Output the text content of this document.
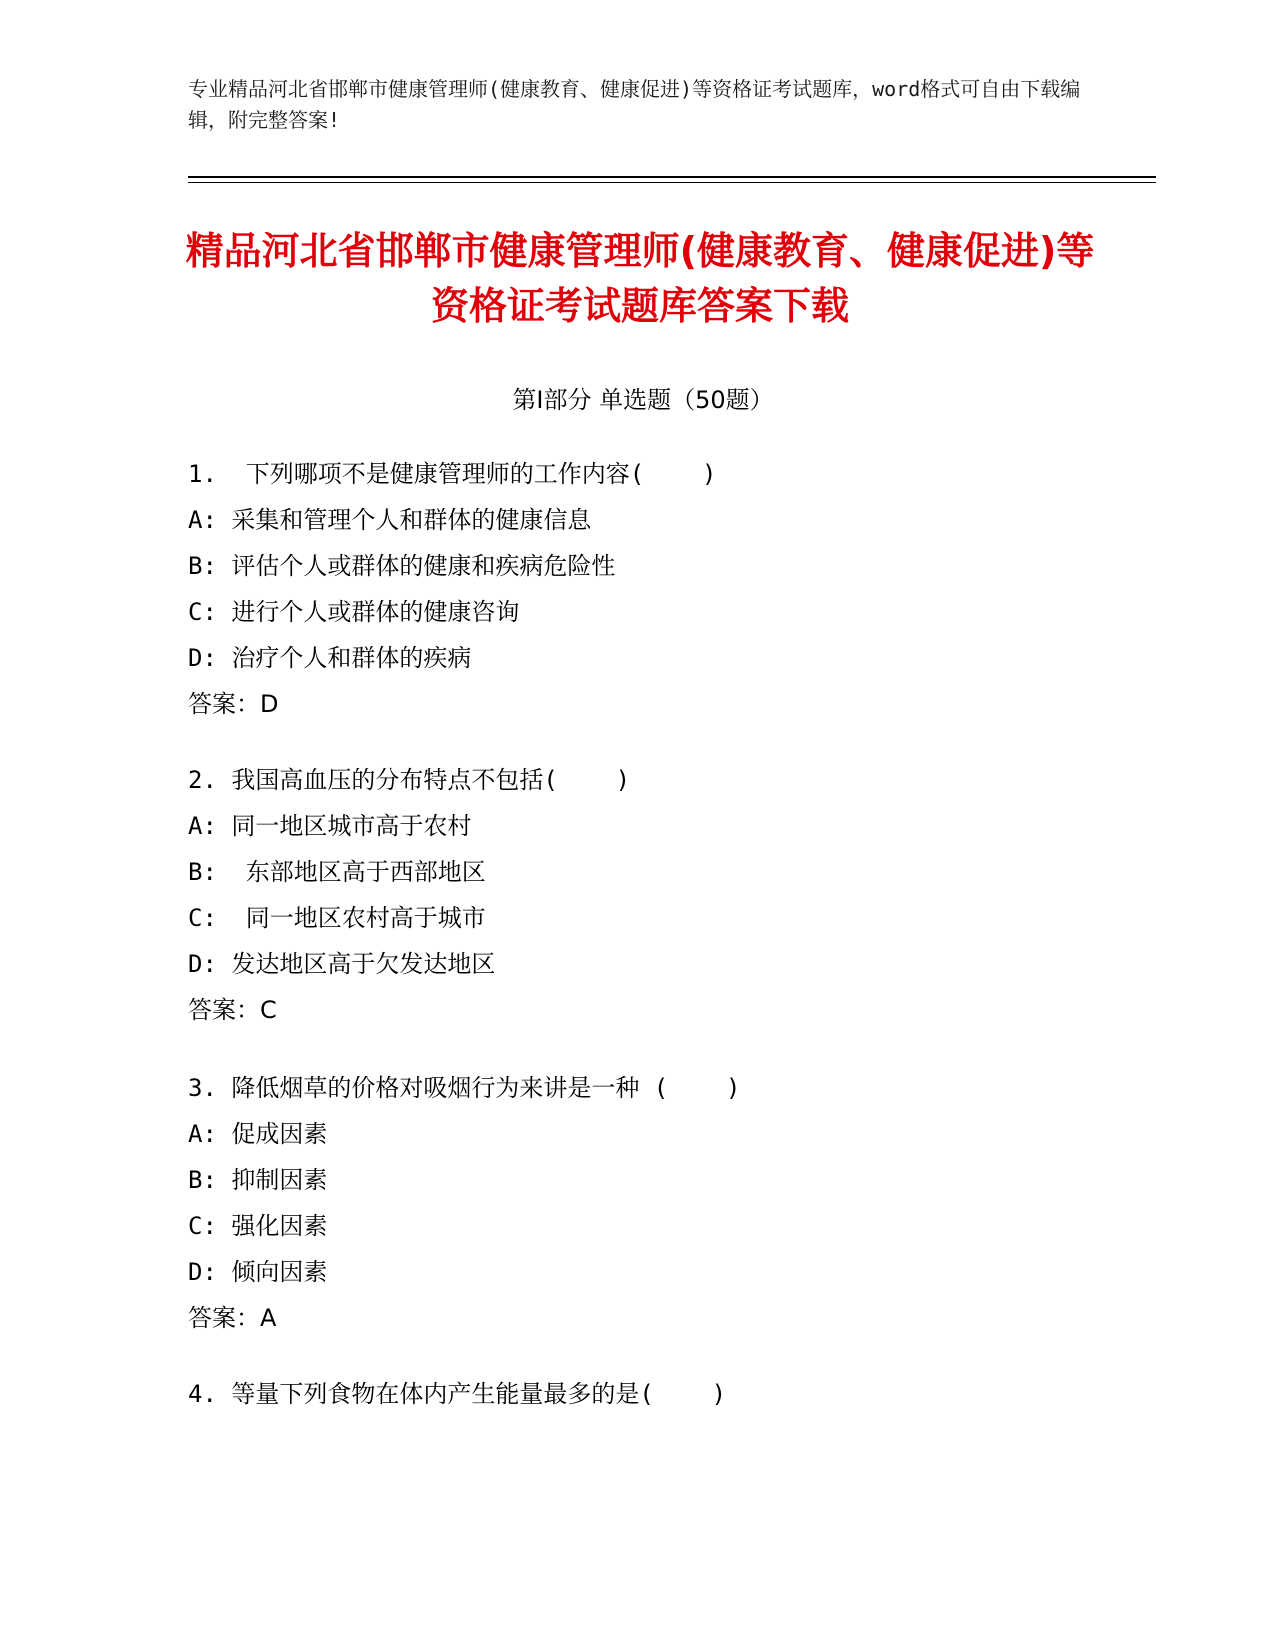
专业精品河北省邯郸市健康管理师(健康教育、健康促进)等资格证考试题库，word格式可自由下载编辑，附完整答案!
精品河北省邯郸市健康管理师(健康教育、健康促进)等资格证考试题库答案下载
第Ⅰ部分 单选题（50题）
1.  下列哪项不是健康管理师的工作内容(    )
A: 采集和管理个人和群体的健康信息
B: 评估个人或群体的健康和疾病危险性
C: 进行个人或群体的健康咨询
D: 治疗个人和群体的疾病
答案：D
2. 我国高血压的分布特点不包括(    )
A: 同一地区城市高于农村
B:  东部地区高于西部地区
C:  同一地区农村高于城市
D: 发达地区高于欠发达地区
答案：C
3. 降低烟草的价格对吸烟行为来讲是一种 (    )
A: 促成因素
B: 抑制因素
C: 强化因素
D: 倾向因素
答案：A
4. 等量下列食物在体内产生能量最多的是(    )
